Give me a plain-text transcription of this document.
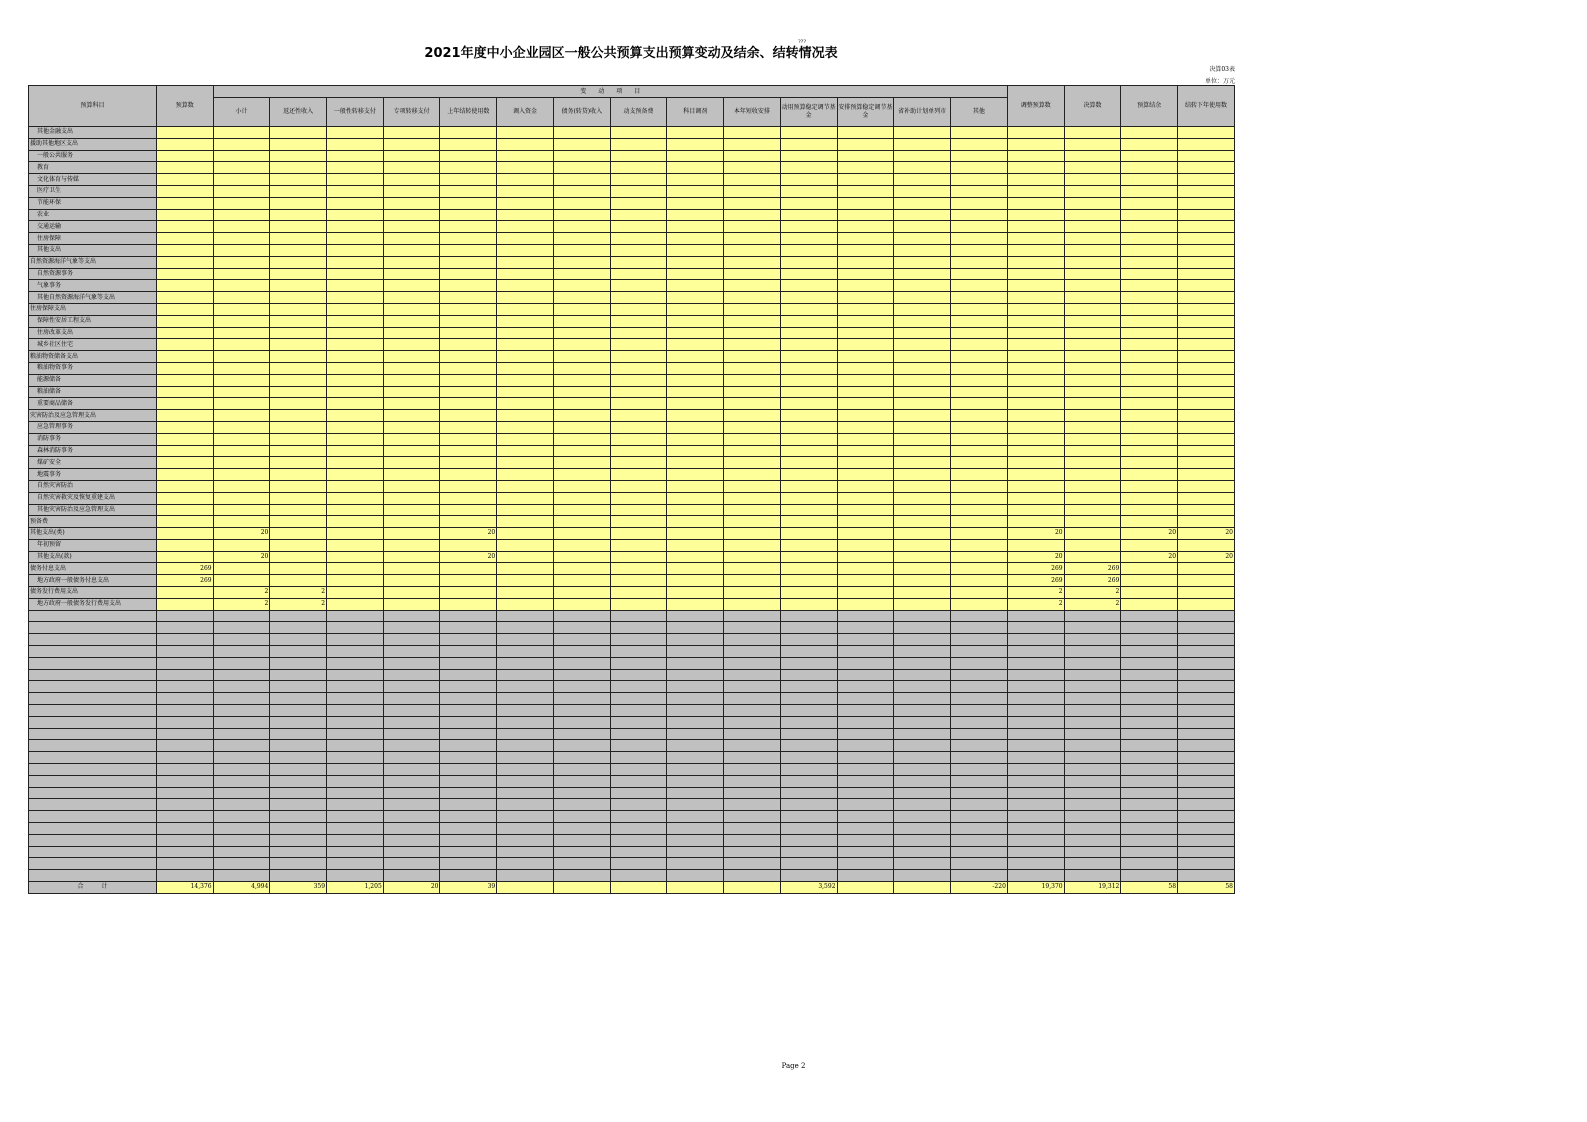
2021年度中小企业园区一般公共预算支出预算变动及结余、结转情况表
???
决算03表
单位：万元
预算科目	预算数	变　　动　　项　　目														调整预算数	决算数	预算结余	结转下年使用数
		小计	返还性收入	一般性转移支付	专项转移支付	上年结转使用数	调入资金	债务(转贷)收入	动支预备费	科目调剂	本年短收安排	动用预算稳定调节基金	安排预算稳定调节基金	省补助计划单列市	其他				
其他金融支出																			
援助其他地区支出																			
一般公共服务																			
教育																			
文化体育与传媒																			
医疗卫生																			
节能环保																			
农业																			
交通运输																			
住房保障																			
其他支出																			
自然资源海洋气象等支出																			
自然资源事务																			
气象事务																			
其他自然资源海洋气象等支出																			
住房保障支出																			
保障性安居工程支出																			
住房改革支出																			
城乡社区住宅																			
粮油物资储备支出																			
粮油物资事务																			
能源储备																			
粮油储备																			
重要商品储备																			
灾害防治及应急管理支出																			
应急管理事务																			
消防事务																			
森林消防事务																			
煤矿安全																			
地震事务																			
自然灾害防治																			
自然灾害救灾及恢复重建支出																			
其他灾害防治及应急管理支出																			
预备费																			
其他支出(类)		20				20										20		20	20
年初预留																			
其他支出(款)		20				20										20		20	20
债务付息支出	269															269	269		
地方政府一般债务付息支出	269															269	269		
债务发行费用支出		2	2													2	2		
地方政府一般债务发行费用支出		2	2													2	2		

合　　　计	14,376	4,994	359	1,205	20	39						3,592			-220	19,370	19,312	58	58
Page 2
